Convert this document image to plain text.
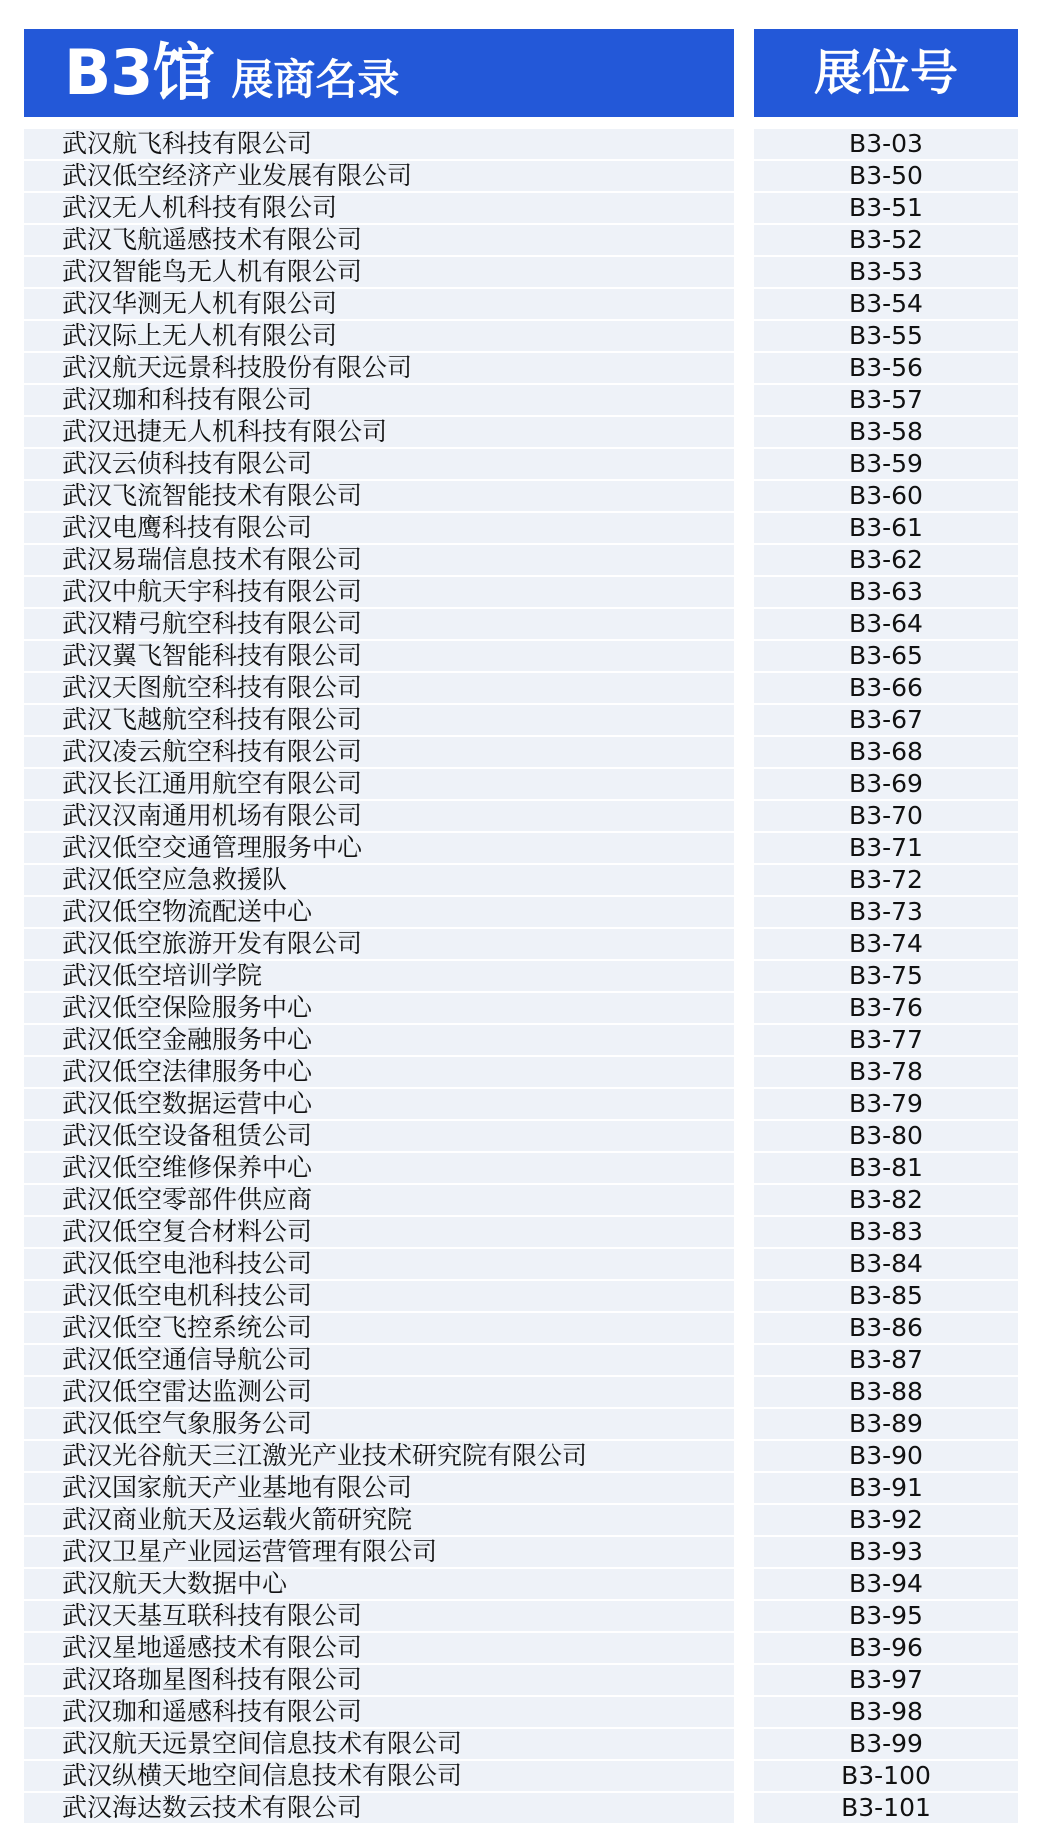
B3馆 展商名录	展位号
武汉航飞科技有限公司	B3-03
武汉低空经济产业发展有限公司	B3-50
武汉无人机科技有限公司	B3-51
武汉飞航遥感技术有限公司	B3-52
武汉智能鸟无人机有限公司	B3-53
武汉华测无人机有限公司	B3-54
武汉际上无人机有限公司	B3-55
武汉航天远景科技股份有限公司	B3-56
武汉珈和科技有限公司	B3-57
武汉迅捷无人机科技有限公司	B3-58
武汉云侦科技有限公司	B3-59
武汉飞流智能技术有限公司	B3-60
武汉电鹰科技有限公司	B3-61
武汉易瑞信息技术有限公司	B3-62
武汉中航天宇科技有限公司	B3-63
武汉精弓航空科技有限公司	B3-64
武汉翼飞智能科技有限公司	B3-65
武汉天图航空科技有限公司	B3-66
武汉飞越航空科技有限公司	B3-67
武汉凌云航空科技有限公司	B3-68
武汉长江通用航空有限公司	B3-69
武汉汉南通用机场有限公司	B3-70
武汉低空交通管理服务中心	B3-71
武汉低空应急救援队	B3-72
武汉低空物流配送中心	B3-73
武汉低空旅游开发有限公司	B3-74
武汉低空培训学院	B3-75
武汉低空保险服务中心	B3-76
武汉低空金融服务中心	B3-77
武汉低空法律服务中心	B3-78
武汉低空数据运营中心	B3-79
武汉低空设备租赁公司	B3-80
武汉低空维修保养中心	B3-81
武汉低空零部件供应商	B3-82
武汉低空复合材料公司	B3-83
武汉低空电池科技公司	B3-84
武汉低空电机科技公司	B3-85
武汉低空飞控系统公司	B3-86
武汉低空通信导航公司	B3-87
武汉低空雷达监测公司	B3-88
武汉低空气象服务公司	B3-89
武汉光谷航天三江激光产业技术研究院有限公司	B3-90
武汉国家航天产业基地有限公司	B3-91
武汉商业航天及运载火箭研究院	B3-92
武汉卫星产业园运营管理有限公司	B3-93
武汉航天大数据中心	B3-94
武汉天基互联科技有限公司	B3-95
武汉星地遥感技术有限公司	B3-96
武汉珞珈星图科技有限公司	B3-97
武汉珈和遥感科技有限公司	B3-98
武汉航天远景空间信息技术有限公司	B3-99
武汉纵横天地空间信息技术有限公司	B3-100
武汉海达数云技术有限公司	B3-101
